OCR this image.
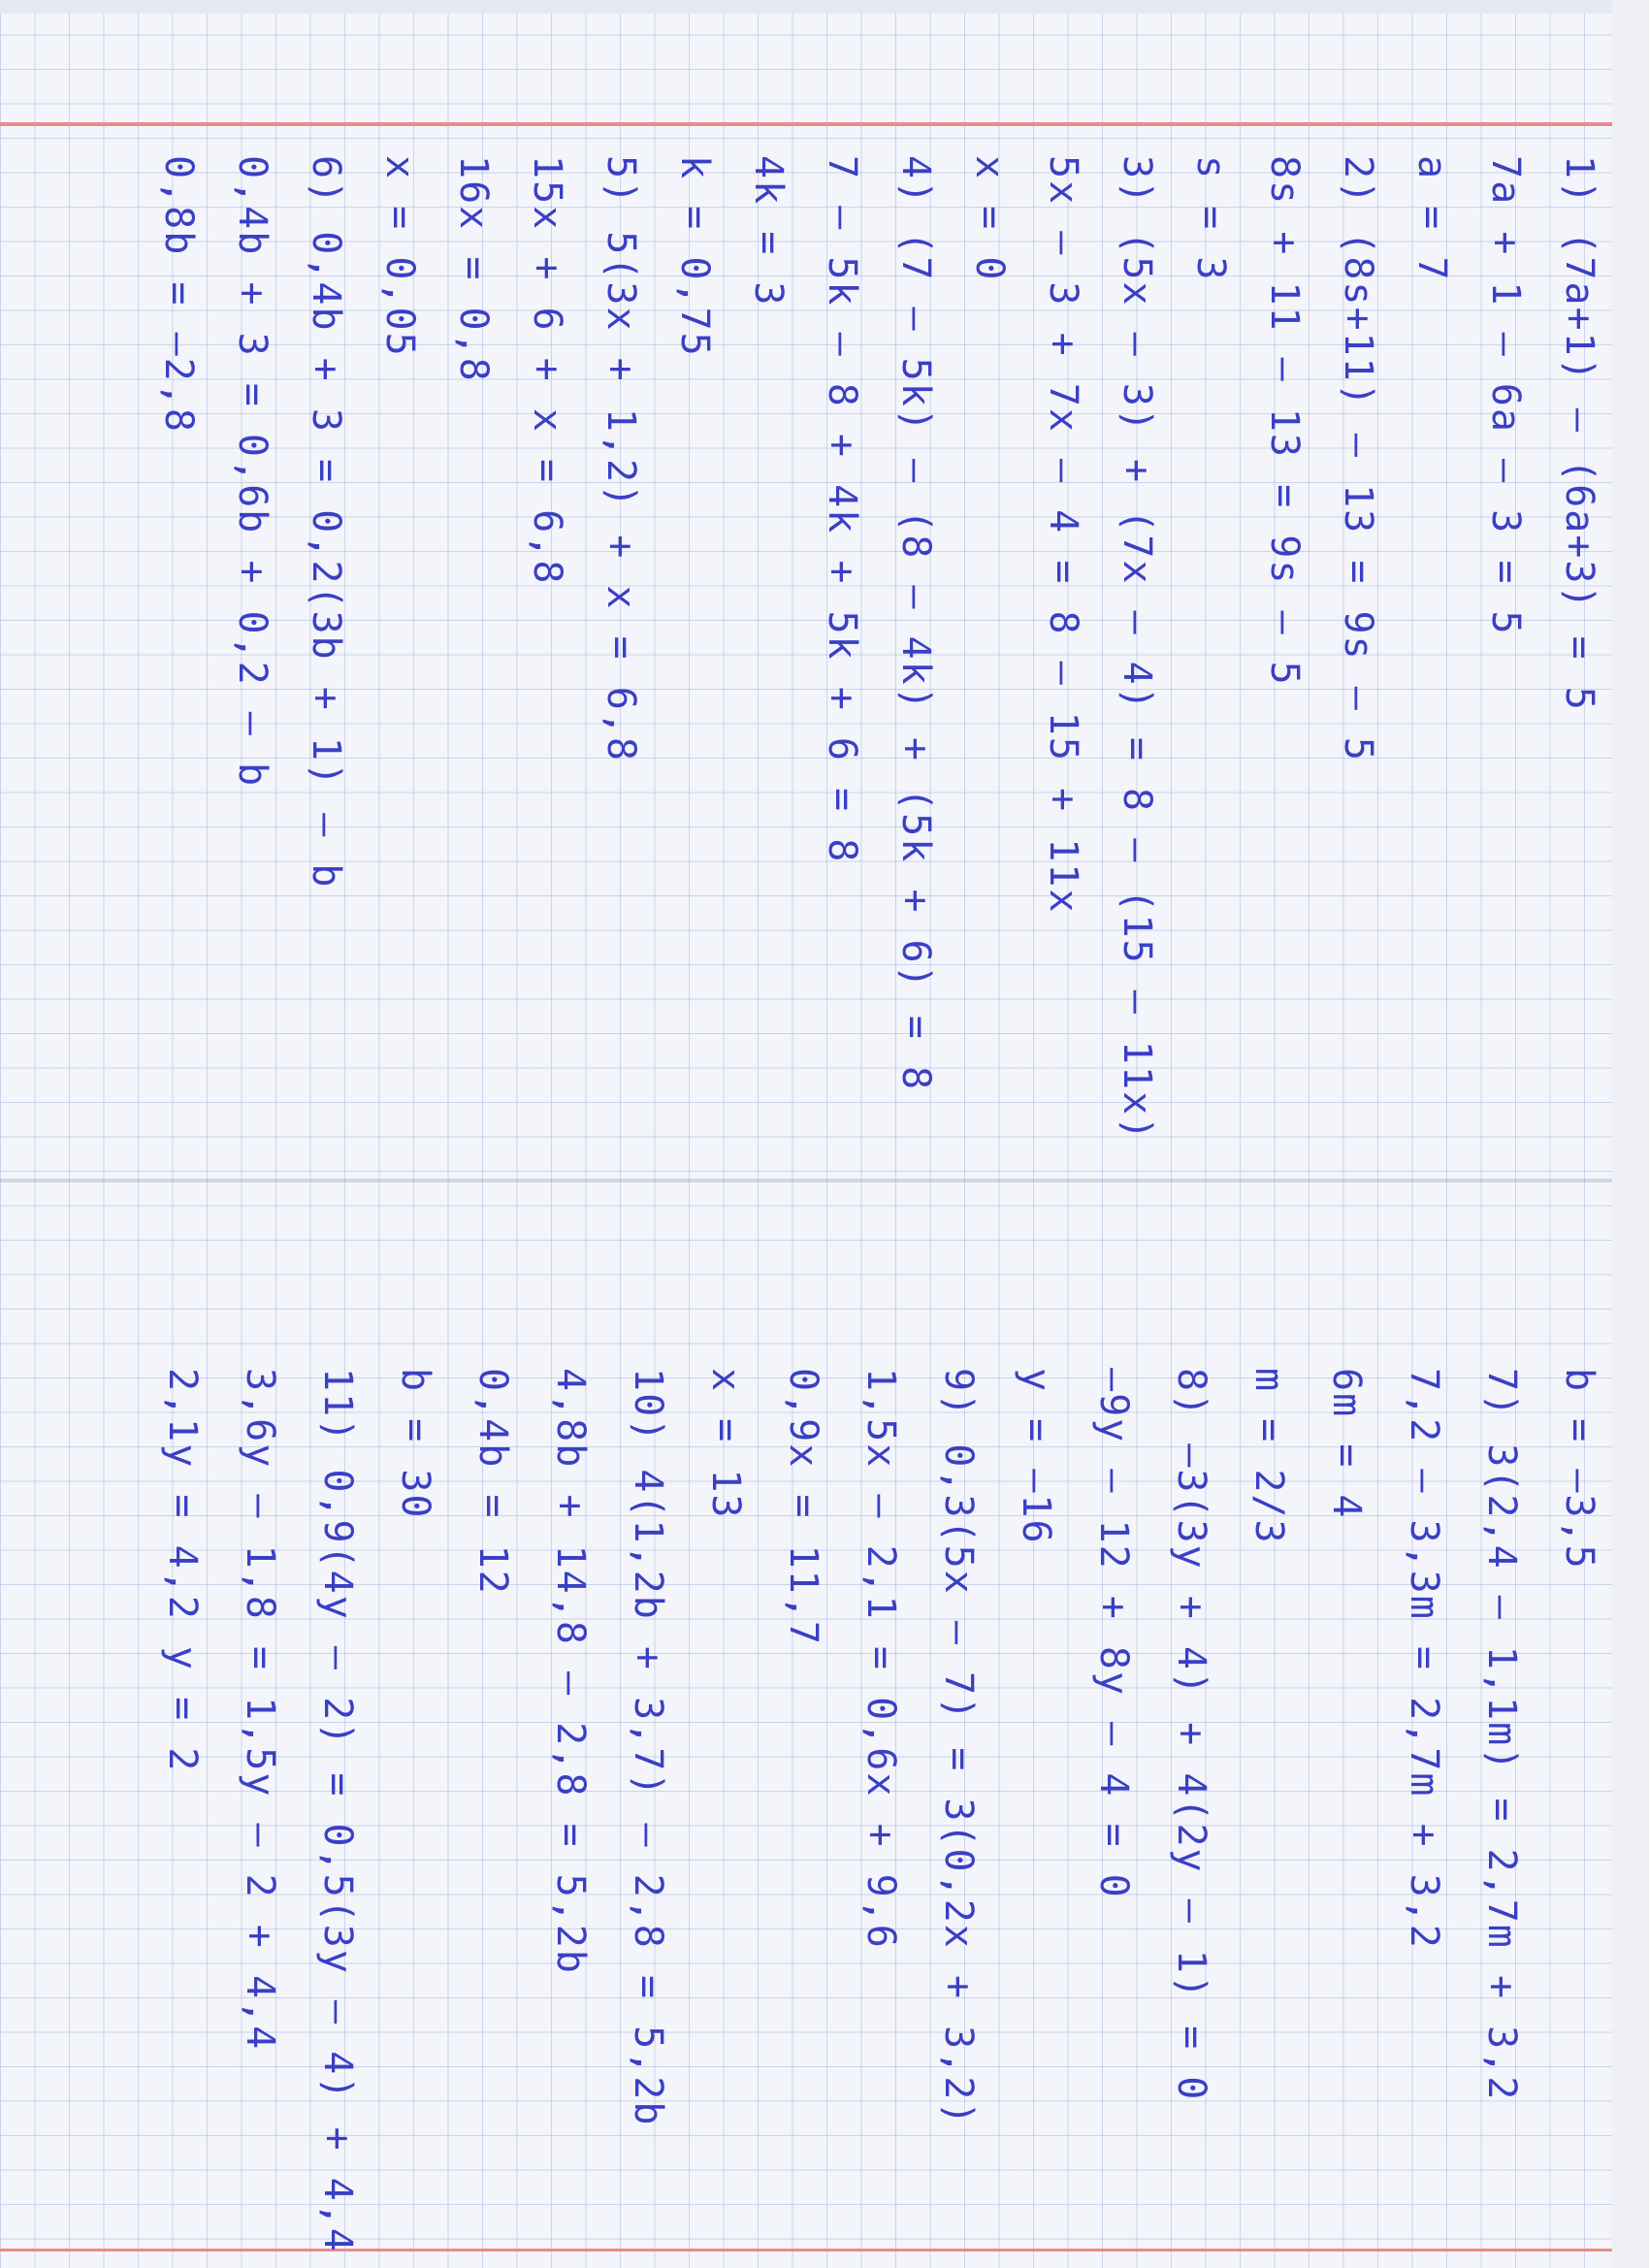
1) (7a+1) – (6a+3) = 5
7a + 1 – 6a – 3 = 5
a = 7
2) (8s+11) – 13 = 9s – 5
8s + 11 – 13 = 9s – 5
s = 3
3) (5x – 3) + (7x – 4) = 8 – (15 – 11x)
5x – 3 + 7x – 4 = 8 – 15 + 11x
x = 0
4) (7 – 5k) – (8 – 4k) + (5k + 6) = 8
7 – 5k – 8 + 4k + 5k + 6 = 8
4k = 3
k = 0,75
5) 5(3x + 1,2) + x = 6,8
15x + 6 + x = 6,8
16x = 0,8
x = 0,05
6) 0,4b + 3 = 0,2(3b + 1) – b
0,4b + 3 = 0,6b + 0,2 – b
0,8b = –2,8
b = –3,5
7) 3(2,4 – 1,1m) = 2,7m + 3,2
7,2 – 3,3m = 2,7m + 3,2
6m = 4
m = 2/3
8) –3(3y + 4) + 4(2y – 1) = 0
–9y – 12 + 8y – 4 = 0
y = –16
9) 0,3(5x – 7) = 3(0,2x + 3,2)
1,5x – 2,1 = 0,6x + 9,6
0,9x = 11,7
x = 13
10) 4(1,2b + 3,7) – 2,8 = 5,2b
4,8b + 14,8 – 2,8 = 5,2b
0,4b = 12
b = 30
11) 0,9(4y – 2) = 0,5(3y – 4) + 4,4
3,6y – 1,8 = 1,5y – 2 + 4,4
2,1y = 4,2 y = 2
